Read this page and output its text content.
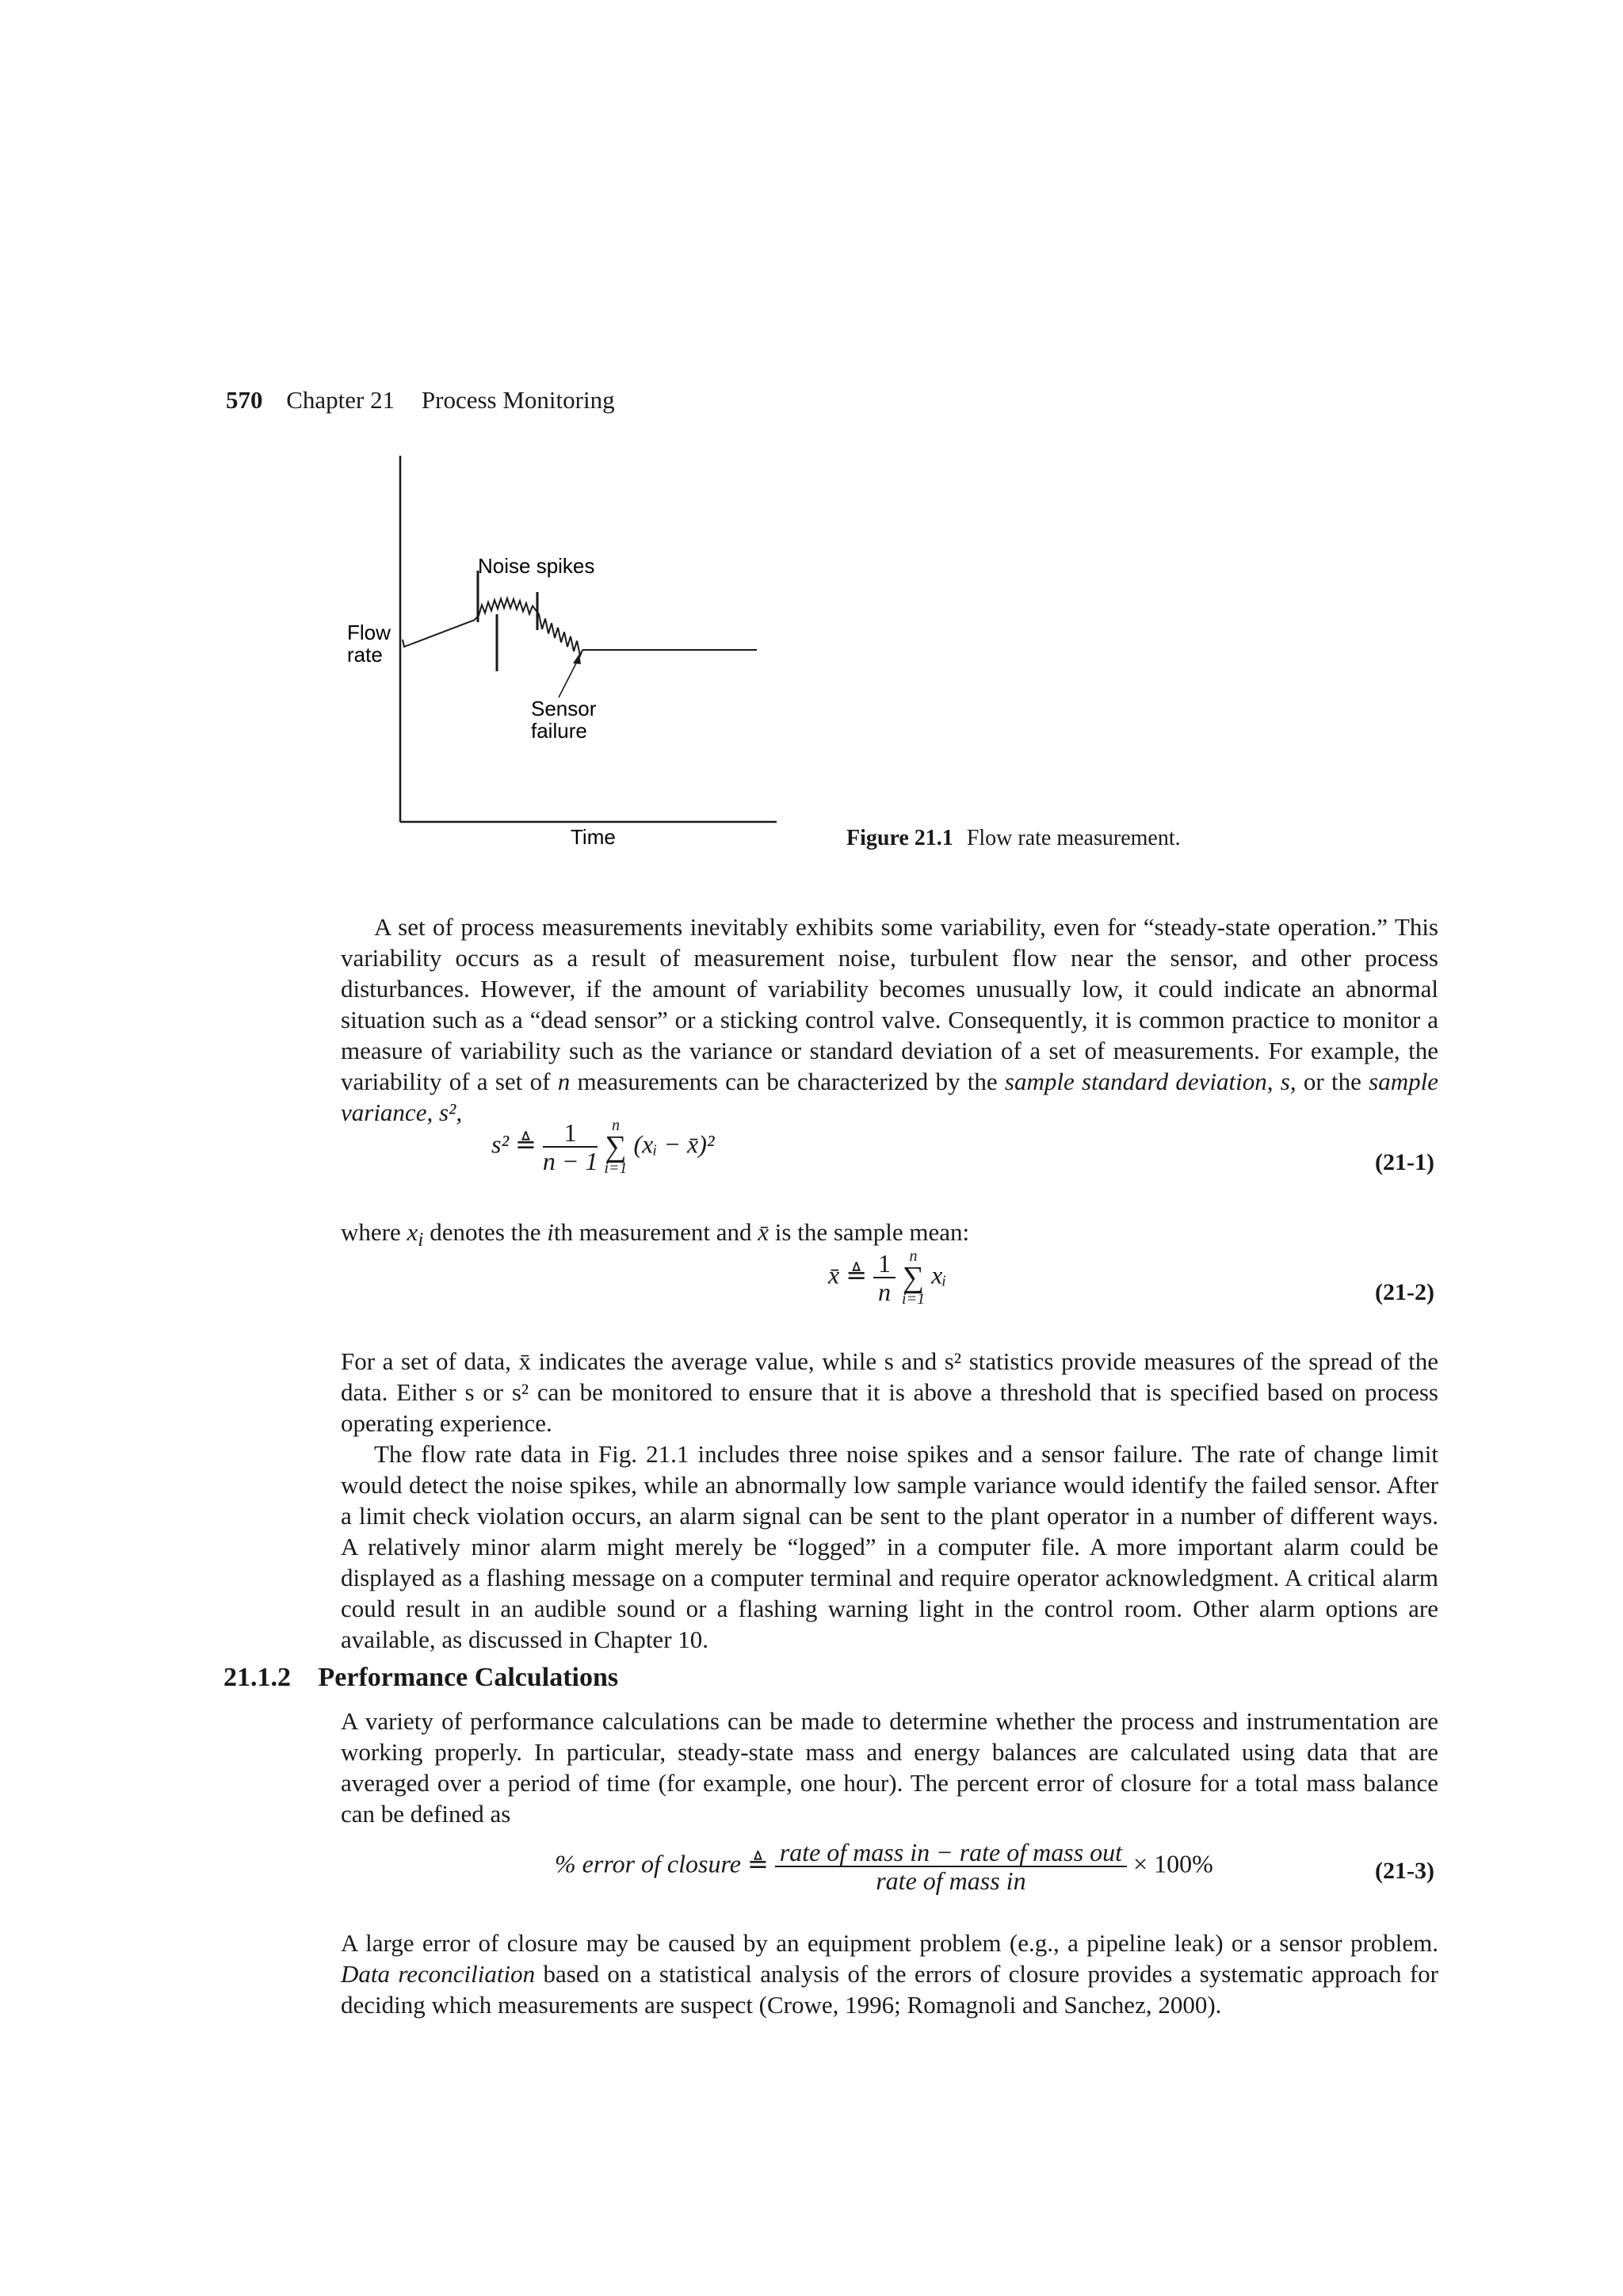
570 Chapter 21 Process Monitoring
Noise spikes
Flow
rate
Sensor
failure
Time	Figure 21.1 Flow rate measurement.

A set of process measurements inevitably exhibits some variability, even for “steady-state operation.” This variability occurs as a result of measurement noise, turbulent flow near the sensor, and other process disturbances. However, if the amount of variability becomes unusually low, it could indicate an abnormal situation such as a “dead sensor” or a sticking control valve. Consequently, it is common practice to monitor a measure of variability such as the variance or standard deviation of a set of measurements. For example, the variability of a set of n measurements can be characterized by the sample standard deviation, s, or the sample variance, s²,

s² ≜ $\frac{1}{n - 1}$
n
∑
i=1
(xᵢ − x̄)²
(21-1)

where $x_i$ denotes the ith measurement and x̄ is the sample mean:

x̄ ≜ $\frac{1}{n}$
n
∑
i=1
xᵢ
(21-2)

For a set of data, x̄ indicates the average value, while s and s² statistics provide measures of the spread of the data. Either s or s² can be monitored to ensure that it is above a threshold that is specified based on process operating experience.

The flow rate data in Fig. 21.1 includes three noise spikes and a sensor failure. The rate of change limit would detect the noise spikes, while an abnormally low sample variance would identify the failed sensor. After a limit check violation occurs, an alarm signal can be sent to the plant operator in a number of different ways. A relatively minor alarm might merely be “logged” in a computer file. A more important alarm could be displayed as a flashing message on a computer terminal and require operator acknowledgment. A critical alarm could result in an audible sound or a flashing warning light in the control room. Other alarm options are available, as discussed in Chapter 10.

21.1.2 Performance Calculations

A variety of performance calculations can be made to determine whether the process and instrumentation are working properly. In particular, steady-state mass and energy balances are calculated using data that are averaged over a period of time (for example, one hour). The percent error of closure for a total mass balance can be defined as

% error of closure ≜ $\frac{\text{rate of mass in − rate of mass out}}{\text{rate of mass in}} \times 100\%$	(21-3)

A large error of closure may be caused by an equipment problem (e.g., a pipeline leak) or a sensor problem. Data reconciliation based on a statistical analysis of the errors of closure provides a systematic approach for deciding which measurements are suspect (Crowe, 1996; Romagnoli and Sanchez, 2000).
